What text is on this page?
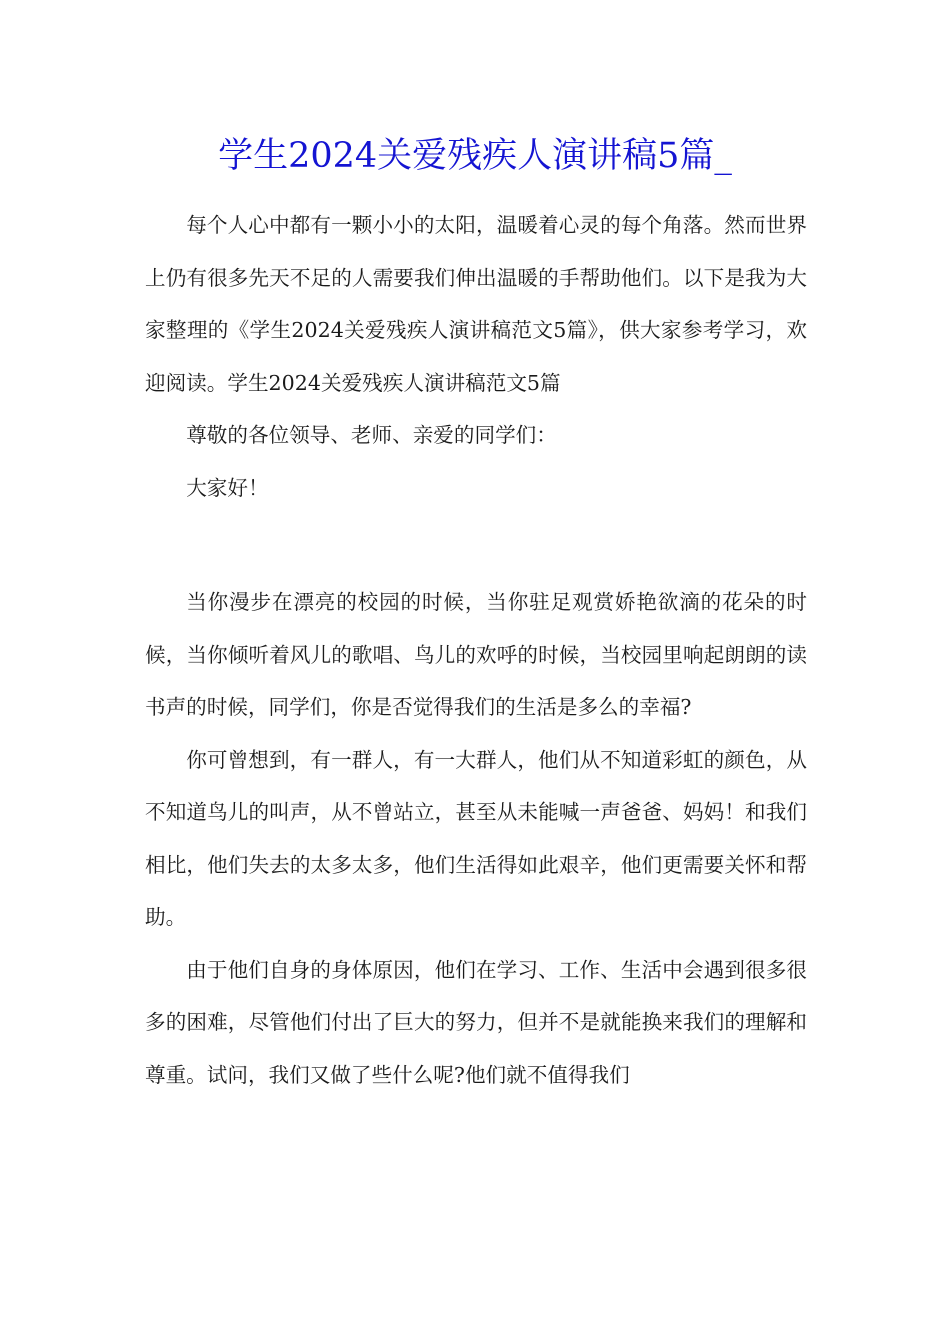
学生2024关爱残疾人演讲稿5篇_

每个人心中都有一颗小小的太阳，温暖着心灵的每个角落。然而世界上仍有很多先天不足的人需要我们伸出温暖的手帮助他们。以下是我为大家整理的《学生2024关爱残疾人演讲稿范文5篇》，供大家参考学习，欢迎阅读。学生2024关爱残疾人演讲稿范文5篇

尊敬的各位领导、老师、亲爱的同学们：

大家好！

当你漫步在漂亮的校园的时候，当你驻足观赏娇艳欲滴的花朵的时候，当你倾听着风儿的歌唱、鸟儿的欢呼的时候，当校园里响起朗朗的读书声的时候，同学们，你是否觉得我们的生活是多么的幸福?

你可曾想到，有一群人，有一大群人，他们从不知道彩虹的颜色，从不知道鸟儿的叫声，从不曾站立，甚至从未能喊一声爸爸、妈妈！和我们相比，他们失去的太多太多，他们生活得如此艰辛，他们更需要关怀和帮助。

由于他们自身的身体原因，他们在学习、工作、生活中会遇到很多很多的困难，尽管他们付出了巨大的努力，但并不是就能换来我们的理解和尊重。试问，我们又做了些什么呢?他们就不值得我们
